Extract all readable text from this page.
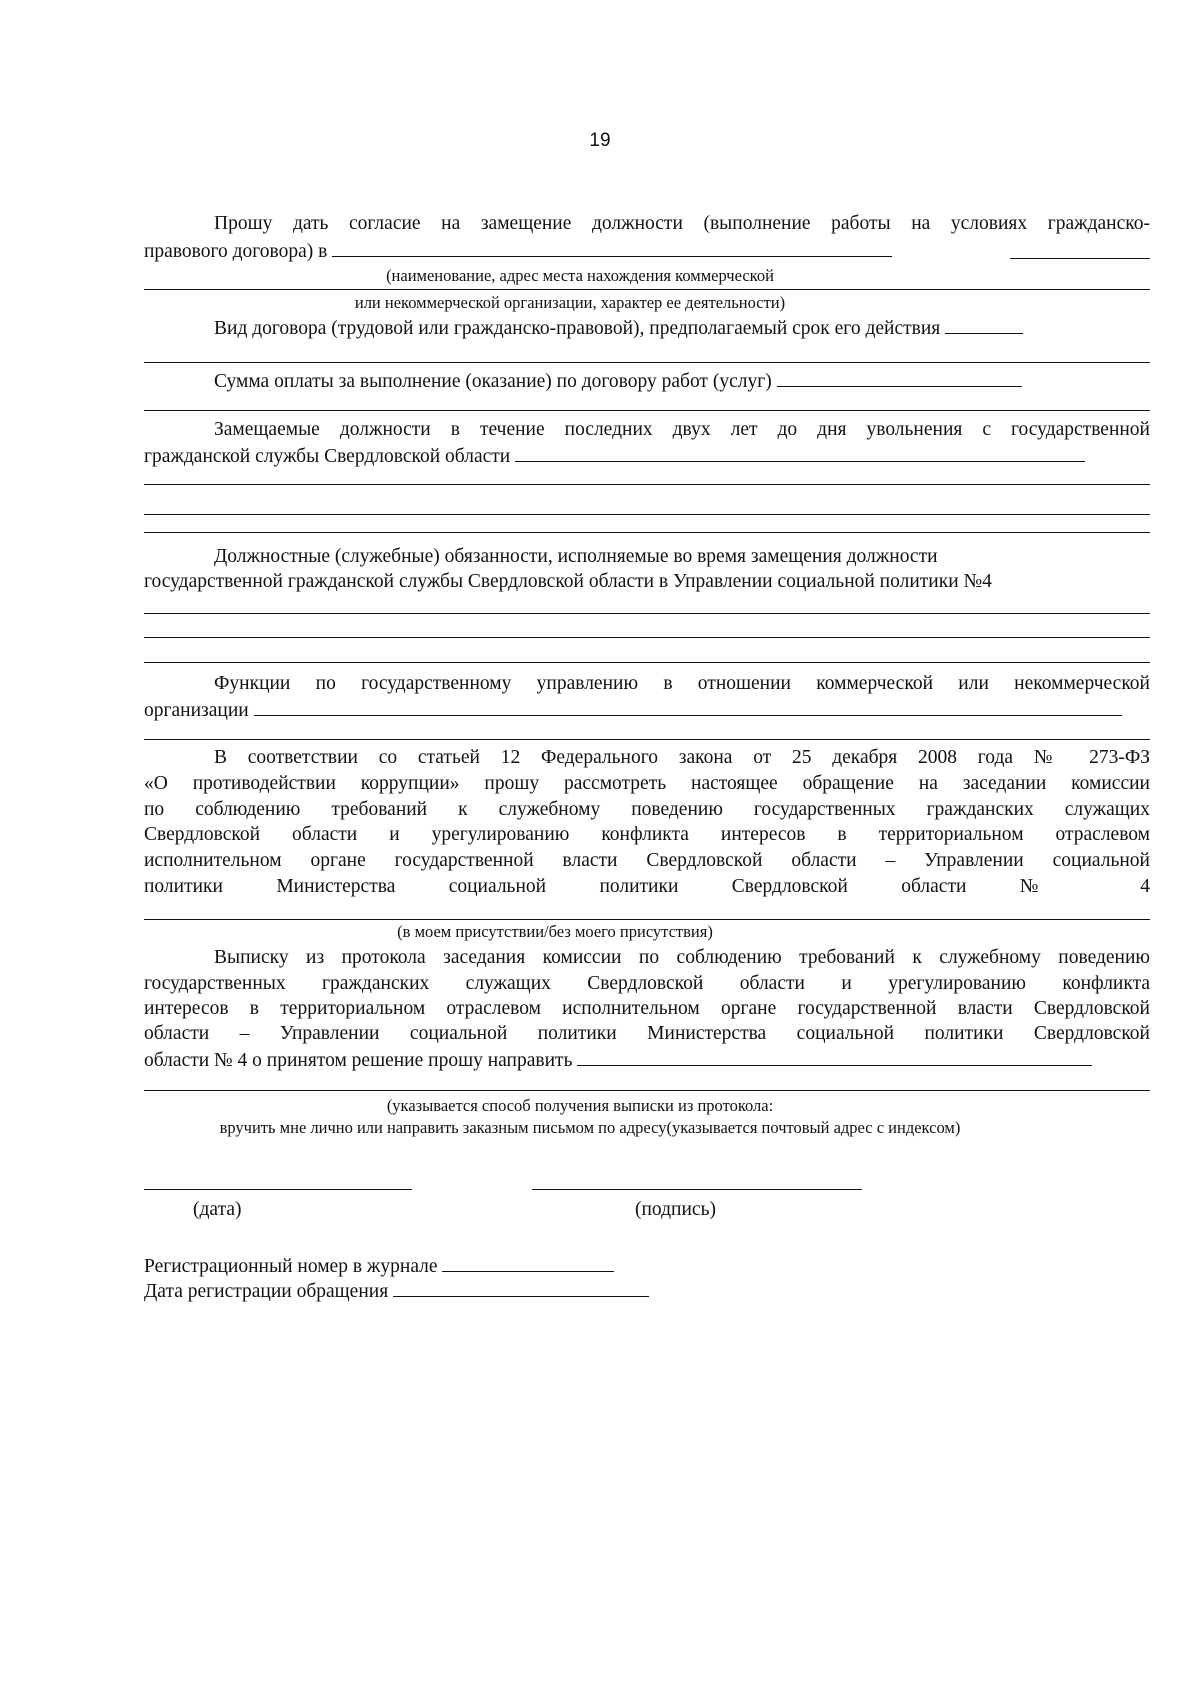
19
Прошу дать согласие на замещение должности (выполнение работы на условиях гражданско-
правового договора) в
(наименование, адрес места нахождения коммерческой
или некоммерческой организации, характер ее деятельности)
Вид договора (трудовой или гражданско-правовой), предполагаемый срок его действия
Сумма оплаты за выполнение (оказание) по договору работ (услуг)
Замещаемые должности в течение последних двух лет до дня увольнения с государственной
гражданской службы Свердловской области
Должностные (служебные) обязанности, исполняемые во время замещения должности
государственной гражданской службы Свердловской области в Управлении социальной политики №4
Функции по государственному управлению в отношении коммерческой или некоммерческой
организации
В соответствии со статьей 12 Федерального закона от 25 декабря 2008 года № 273-ФЗ
«О противодействии коррупции» прошу рассмотреть настоящее обращение на заседании комиссии
по соблюдению требований к служебному поведению государственных гражданских служащих
Свердловской области и урегулированию конфликта интересов в территориальном отраслевом
исполнительном органе государственной власти Свердловской области – Управлении социальной
политики Министерства социальной политики Свердловской области № 4
(в моем присутствии/без моего присутствия)
Выписку из протокола заседания комиссии по соблюдению требований к служебному поведению
государственных гражданских служащих Свердловской области и урегулированию конфликта
интересов в территориальном отраслевом исполнительном органе государственной власти Свердловской
области – Управлении социальной политики Министерства социальной политики Свердловской
области № 4 о принятом решение прошу направить
(указывается способ получения выписки из протокола:
вручить мне лично или направить заказным письмом по адресу(указывается почтовый адрес с индексом)
(дата)	(подпись)
Регистрационный номер в журнале
Дата регистрации обращения
